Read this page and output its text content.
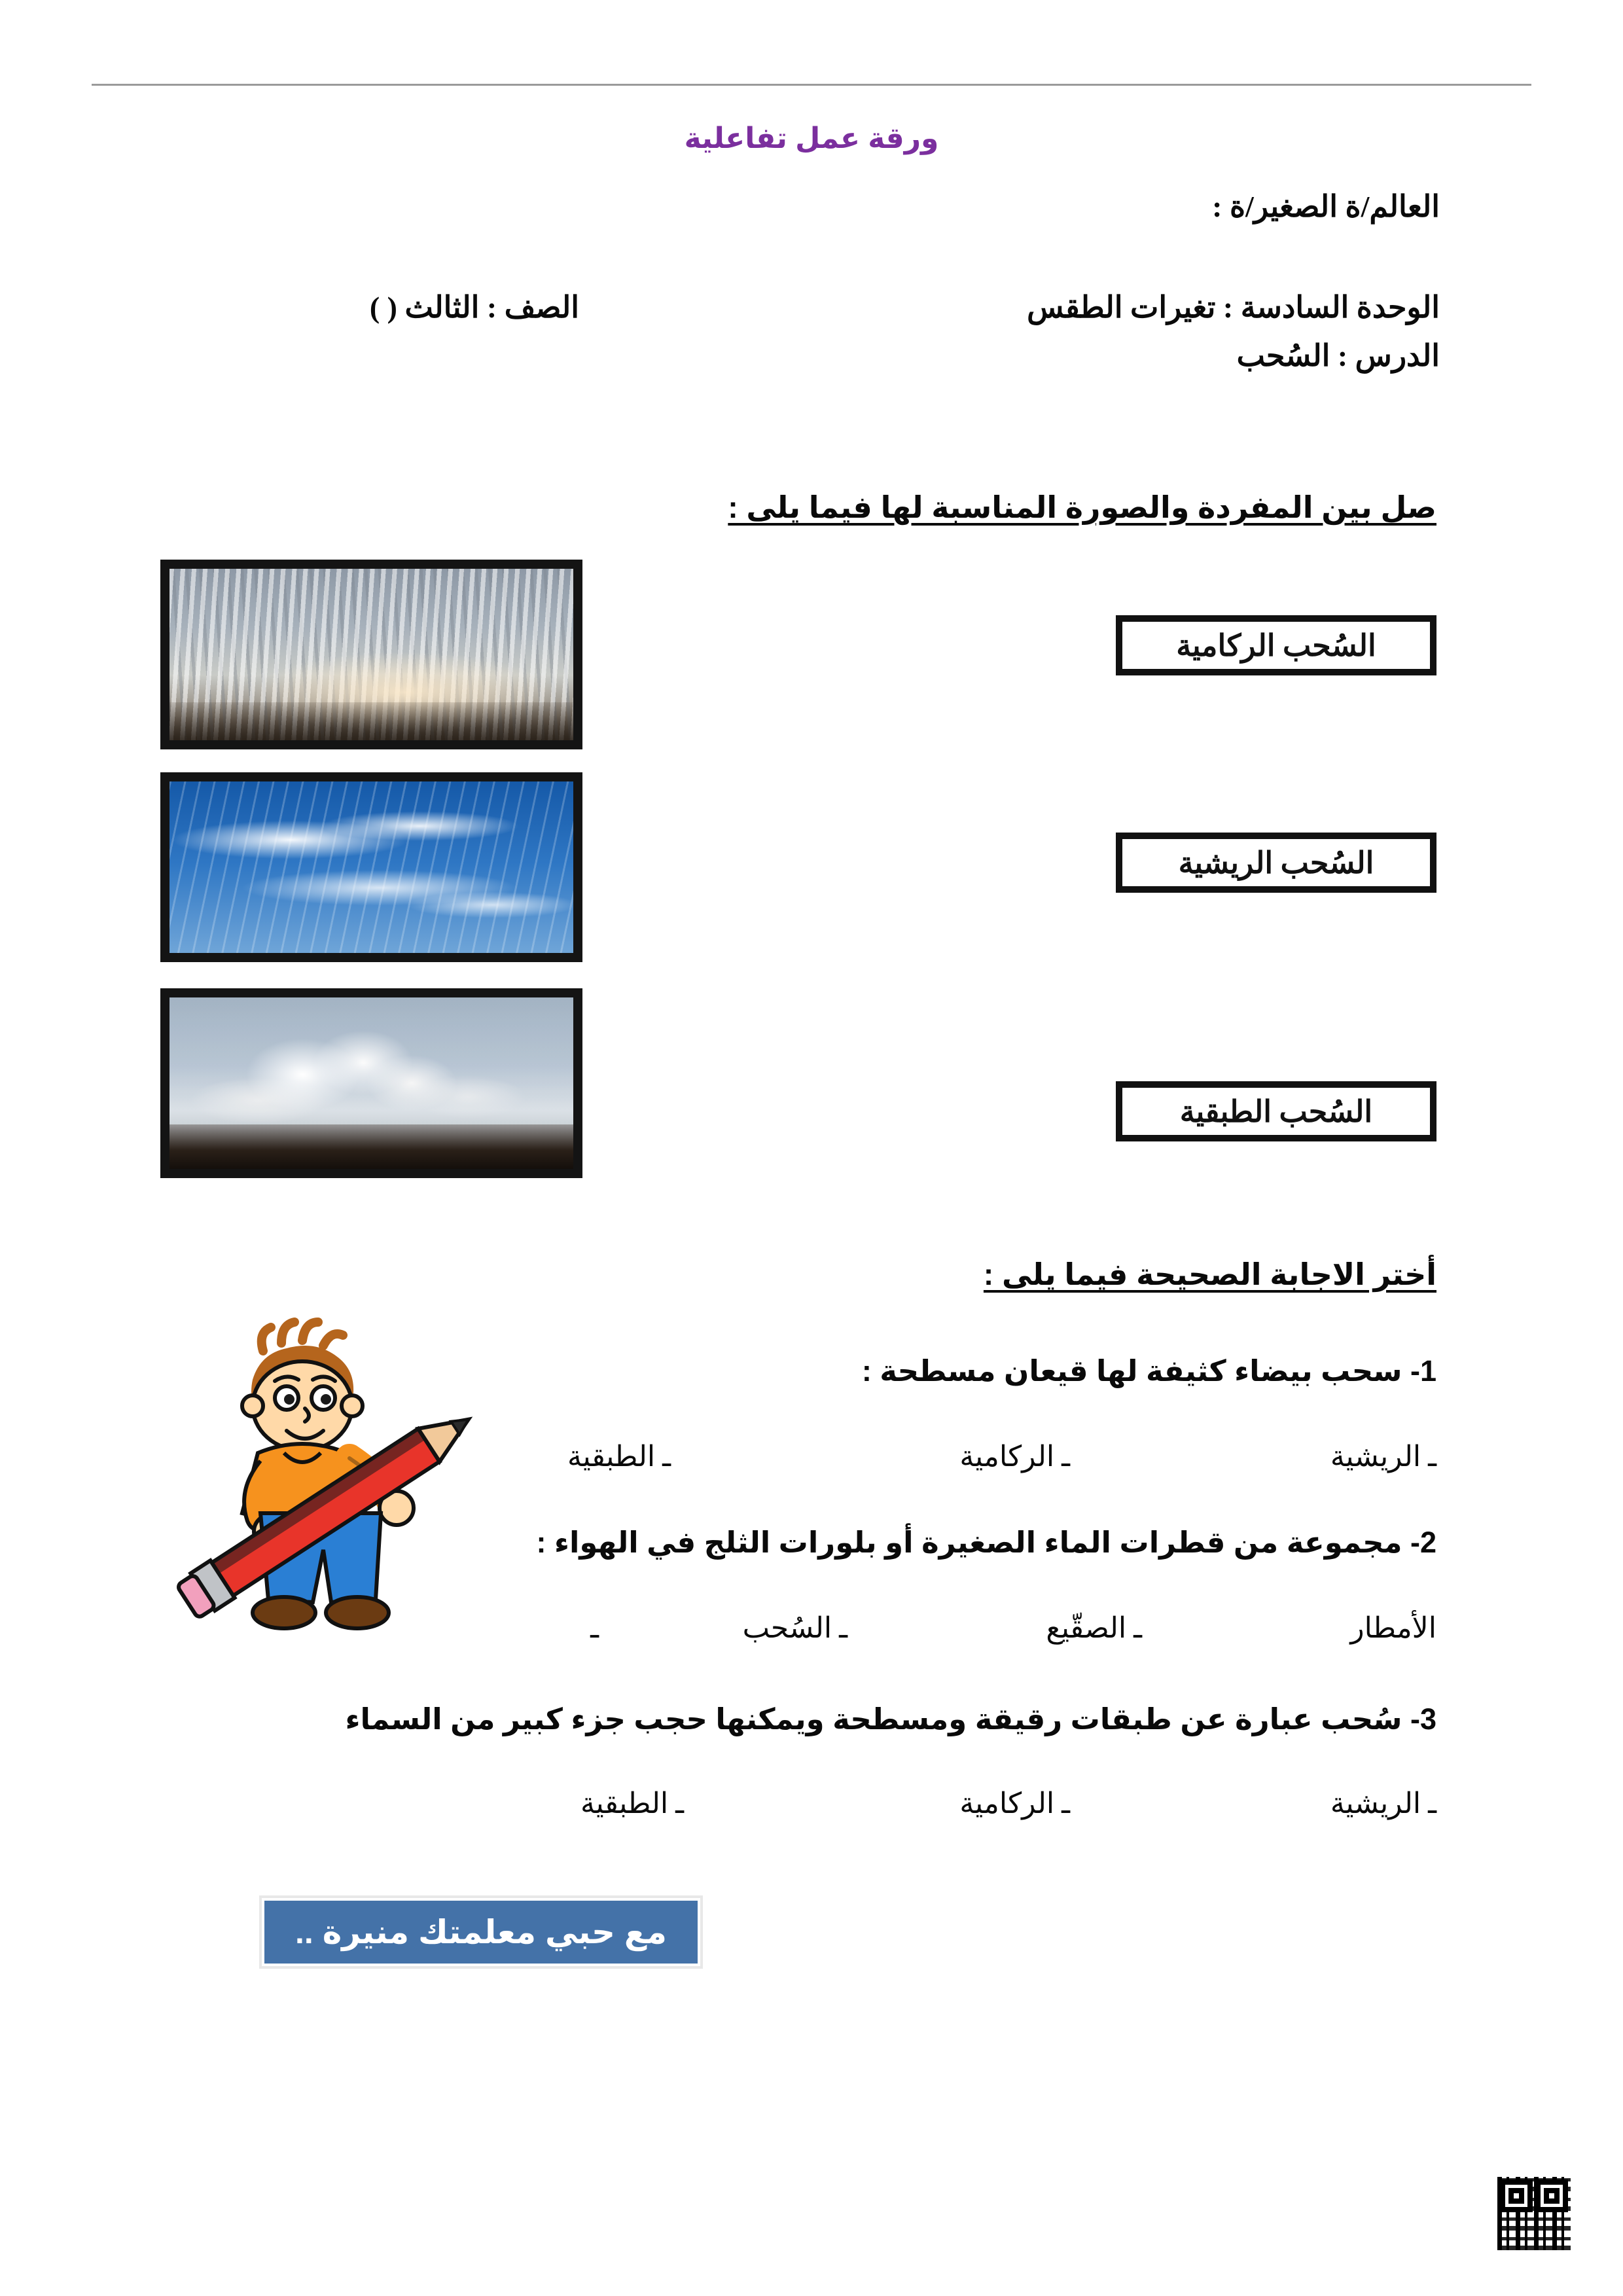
ورقة عمل تفاعلية
العالم/ة الصغير/ة :
الوحدة السادسة : تغيرات الطقس
الدرس : السُحب
الصف : الثالث ( )
صل بين المفردة والصورة المناسبة لها فيما يلى :
السُحب الركامية
السُحب الريشية
السُحب الطبقية
أختر الاجابة الصحيحة فيما يلى :
1- سحب بيضاء كثيفة لها قيعان مسطحة :
ـ الريشية
ـ الركامية
ـ الطبقية
2- مجموعة من قطرات الماء الصغيرة أو بلورات الثلج في الهواء :
الأمطار
ـ الصقّيع
ـ السُحب
ـ
3- سُحب عبارة عن طبقات رقيقة ومسطحة ويمكنها حجب جزء كبير من السماء
ـ الريشية
ـ الركامية
ـ الطبقية
مع حبي معلمتك منيرة ..
